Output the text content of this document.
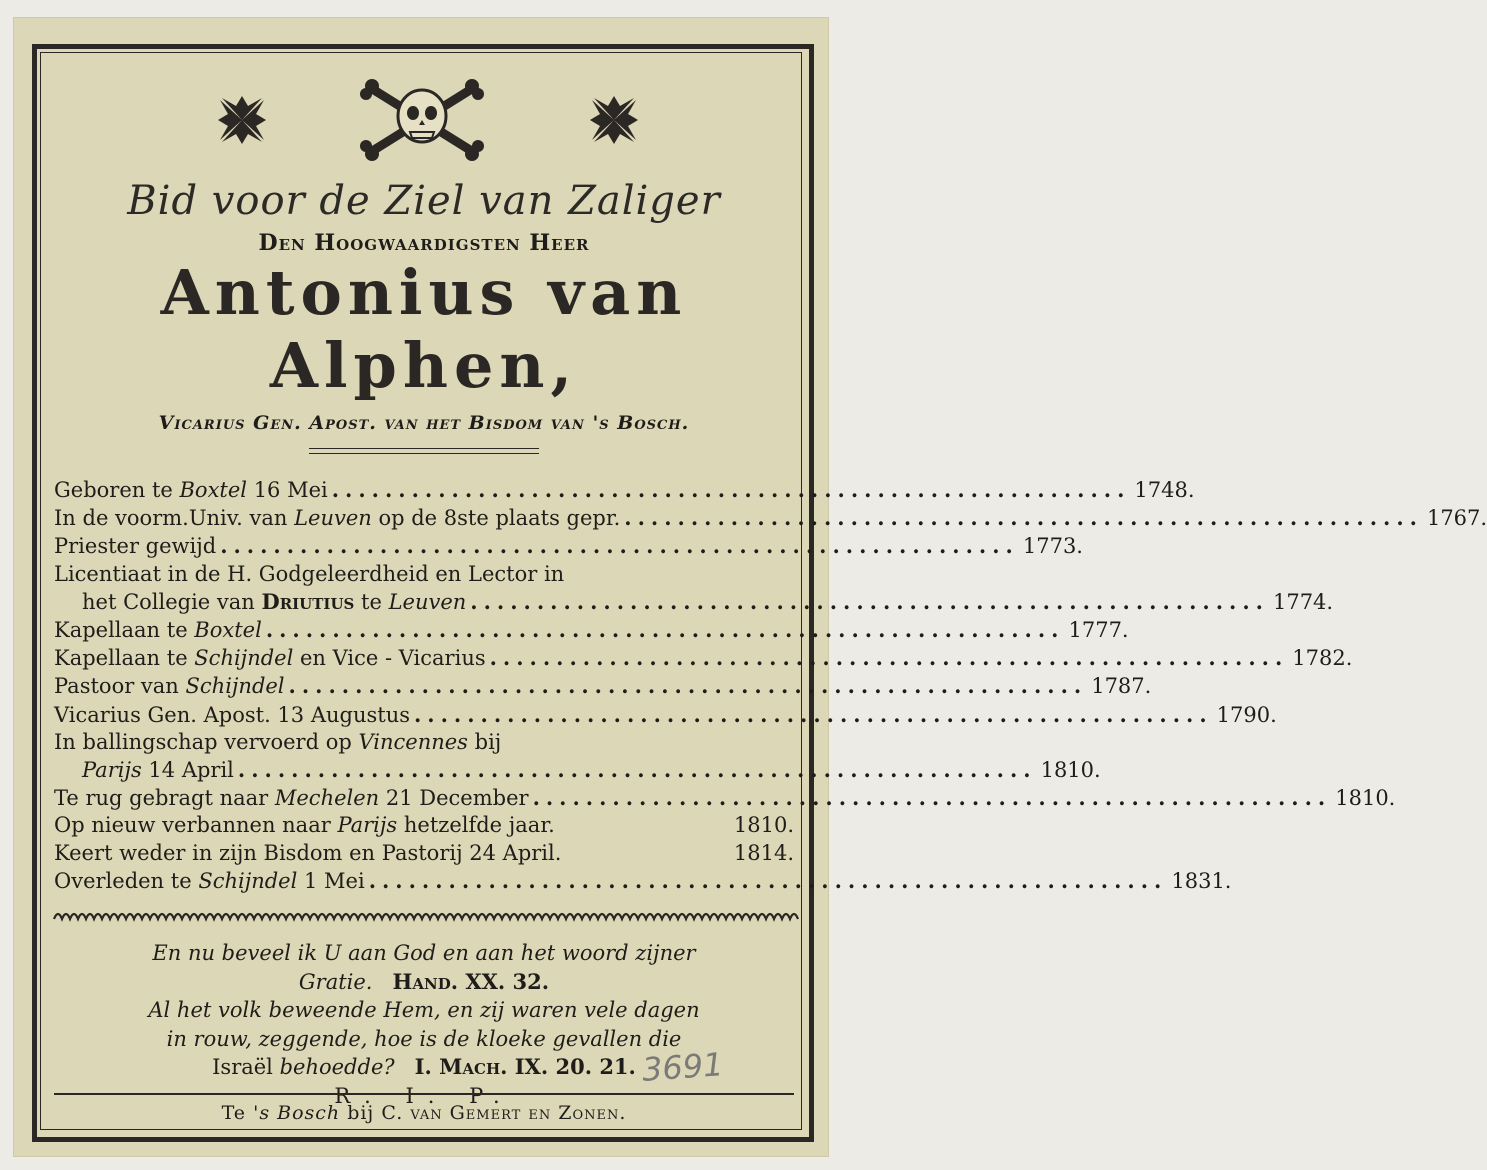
Bid voor de Ziel van Zaliger
Den Hoogwaardigsten Heer
Antonius van Alphen,
Vicarius Gen. Apost. van het Bisdom van 's Bosch.
Geboren te Boxtel 16 Mei ............................................................ 1748.
In de voorm.Univ. van Leuven op de 8ste plaats gepr. ............................................................ 1767.
Priester gewijd ............................................................ 1773.
Licentiaat in de H. Godgeleerdheid en Lector in
het Collegie van Driutius te Leuven ............................................................ 1774.
Kapellaan te Boxtel ............................................................ 1777.
Kapellaan te Schijndel en Vice - Vicarius ............................................................ 1782.
Pastoor van Schijndel ............................................................ 1787.
Vicarius Gen. Apost. 13 Augustus ............................................................ 1790.
In ballingschap vervoerd op Vincennes bij
Parijs 14 April ............................................................ 1810.
Te rug gebragt naar Mechelen 21 December ............................................................ 1810.
Op nieuw verbannen naar Parijs hetzelfde jaar.	1810.
Keert weder in zijn Bisdom en Pastorij 24 April.	1814.
Overleden te Schijndel 1 Mei ............................................................ 1831.
En nu beveel ik U aan God en aan het woord zijner
Gratie. Hand. XX. 32.
Al het volk beweende Hem, en zij waren vele dagen
in rouw, zeggende, hoe is de kloeke gevallen die
Israël behoedde? I. Mach. IX. 20. 21.
R. I. P.
3691
Te 's Bosch bij C. van Gemert en Zonen.
